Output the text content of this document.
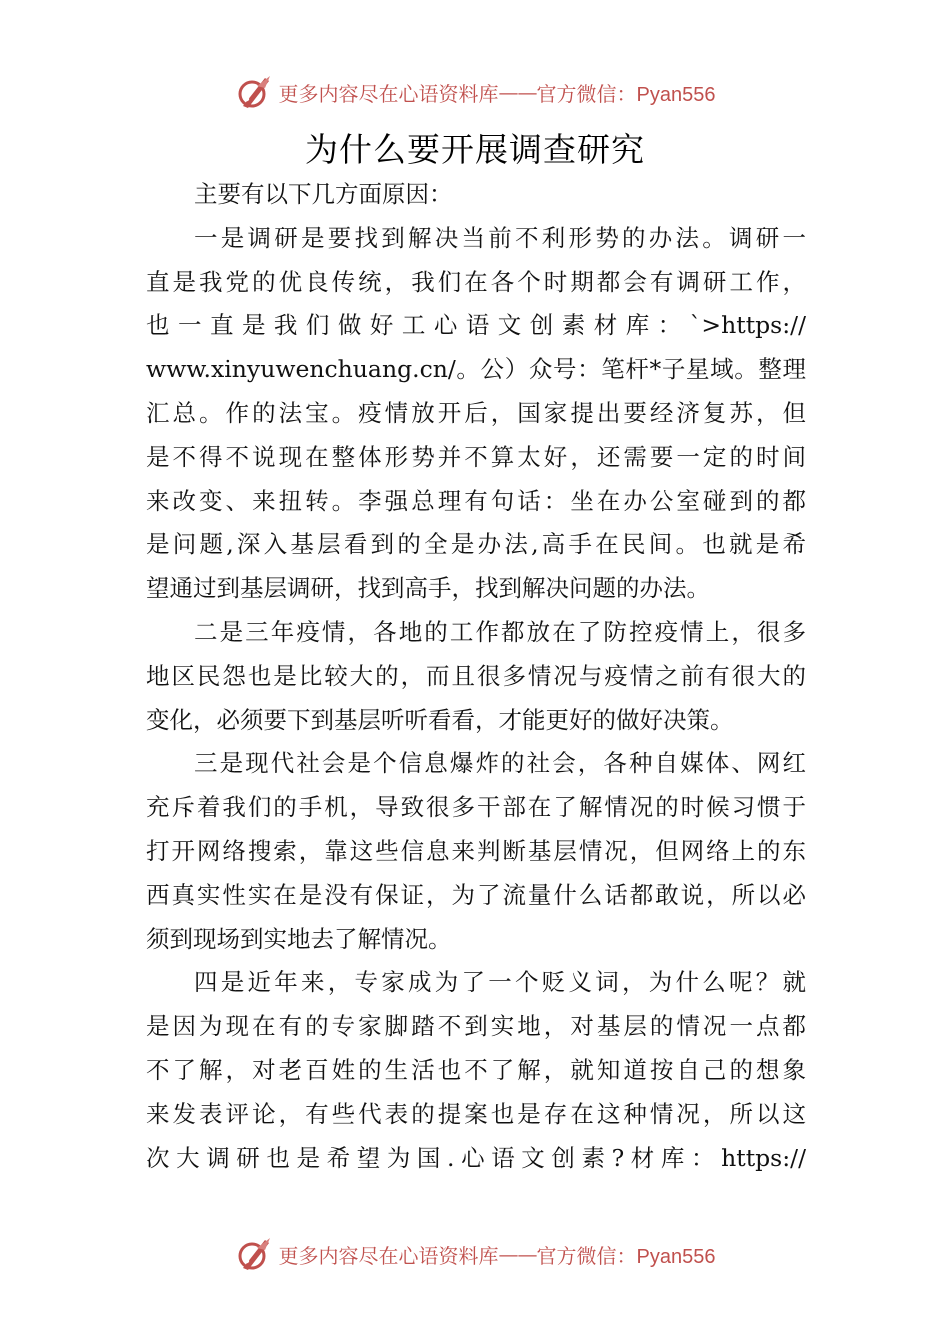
更多内容尽在心语资料库 —— 官方微信：Pyan556
为什么要开展调查研究
主要有以下几方面原因：
一是调研是要找到解决当前不利形势的办法。调研一
直是我党的优良传统，我们在各个时期都会有调研工作，
也 一 直 是 我 们 做 好 工 心 语 文 创 素 材 库 ： `>https://
www.xinyuwenchuang.cn/。公）众号：笔杆*子星域。整理
汇总。作的法宝。疫情放开后，国家提出要经济复苏，但
是不得不说现在整体形势并不算太好，还需要一定的时间
来改变、来扭转。李强总理有句话：坐在办公室碰到的都
是问题,深入基层看到的全是办法,高手在民间。也就是希
望通过到基层调研，找到高手，找到解决问题的办法。
二是三年疫情，各地的工作都放在了防控疫情上，很多
地区民怨也是比较大的，而且很多情况与疫情之前有很大的
变化，必须要下到基层听听看看，才能更好的做好决策。
三是现代社会是个信息爆炸的社会，各种自媒体、网红
充斥着我们的手机，导致很多干部在了解情况的时候习惯于
打开网络搜索，靠这些信息来判断基层情况，但网络上的东
西真实性实在是没有保证，为了流量什么话都敢说，所以必
须到现场到实地去了解情况。
四是近年来，专家成为了一个贬义词，为什么呢？就
是因为现在有的专家脚踏不到实地，对基层的情况一点都
不了解，对老百姓的生活也不了解，就知道按自己的想象
来发表评论，有些代表的提案也是存在这种情况，所以这
次大调研也是希望为国.心语文创素?材库：https://
更多内容尽在心语资料库 —— 官方微信：Pyan556
